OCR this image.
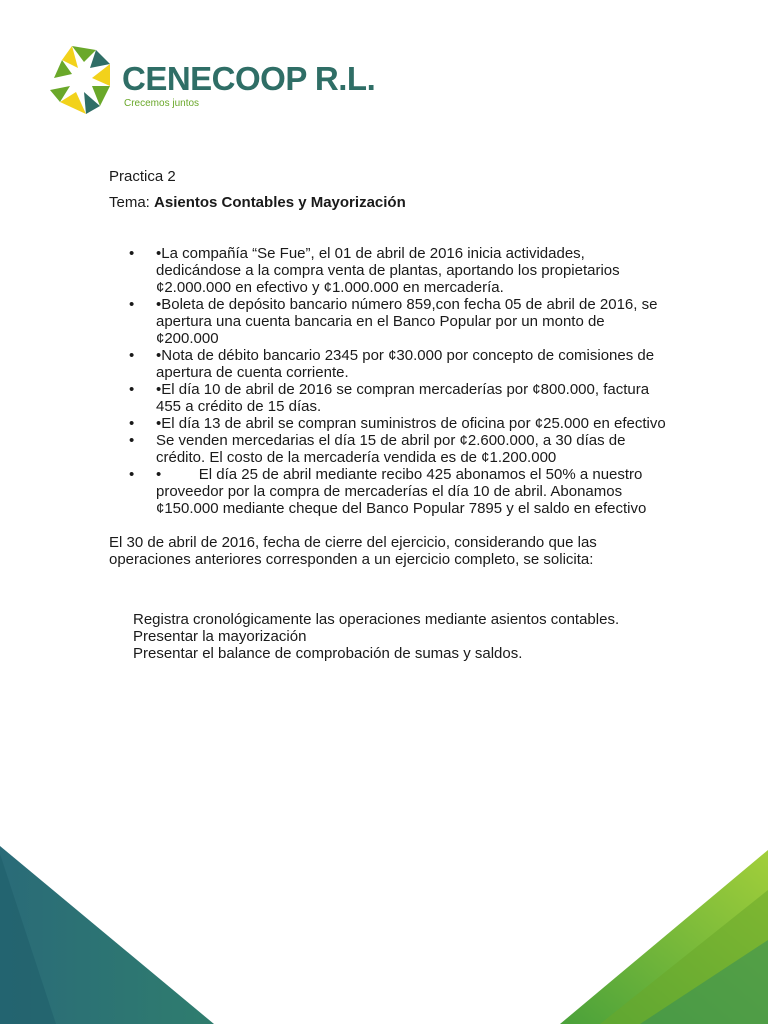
CENECOOP R.L.
Crecemos juntos
Practica 2
Tema: Asientos Contables y Mayorización
• •La compañía “Se Fue”, el 01 de abril de 2016 inicia actividades, dedicándose a la compra venta de plantas, aportando los propietarios ¢2.000.000 en efectivo y ¢1.000.000 en mercadería.
• •Boleta de depósito bancario número 859,con fecha 05 de abril de 2016, se apertura una cuenta bancaria en el Banco Popular por un monto de ¢200.000
• •Nota de débito bancario 2345 por ¢30.000 por concepto de comisiones de apertura de cuenta corriente.
• •El día 10 de abril de 2016 se compran mercaderías por ¢800.000, factura 455 a crédito de 15 días.
• •El día 13 de abril se compran suministros de oficina por ¢25.000 en efectivo
• Se venden mercedarias el día 15 de abril por ¢2.600.000, a 30 días de crédito. El costo de la mercadería vendida es de ¢1.200.000
• •         El día 25 de abril mediante recibo 425 abonamos el 50% a nuestro proveedor por la compra de mercaderías el día 10 de abril. Abonamos ¢150.000 mediante cheque del Banco Popular 7895 y el saldo en efectivo
El 30 de abril de 2016, fecha de cierre del ejercicio, considerando que las operaciones anteriores corresponden a un ejercicio completo, se solicita:
Registra cronológicamente las operaciones mediante asientos contables.
Presentar la mayorización
Presentar el balance de comprobación de sumas y saldos.
